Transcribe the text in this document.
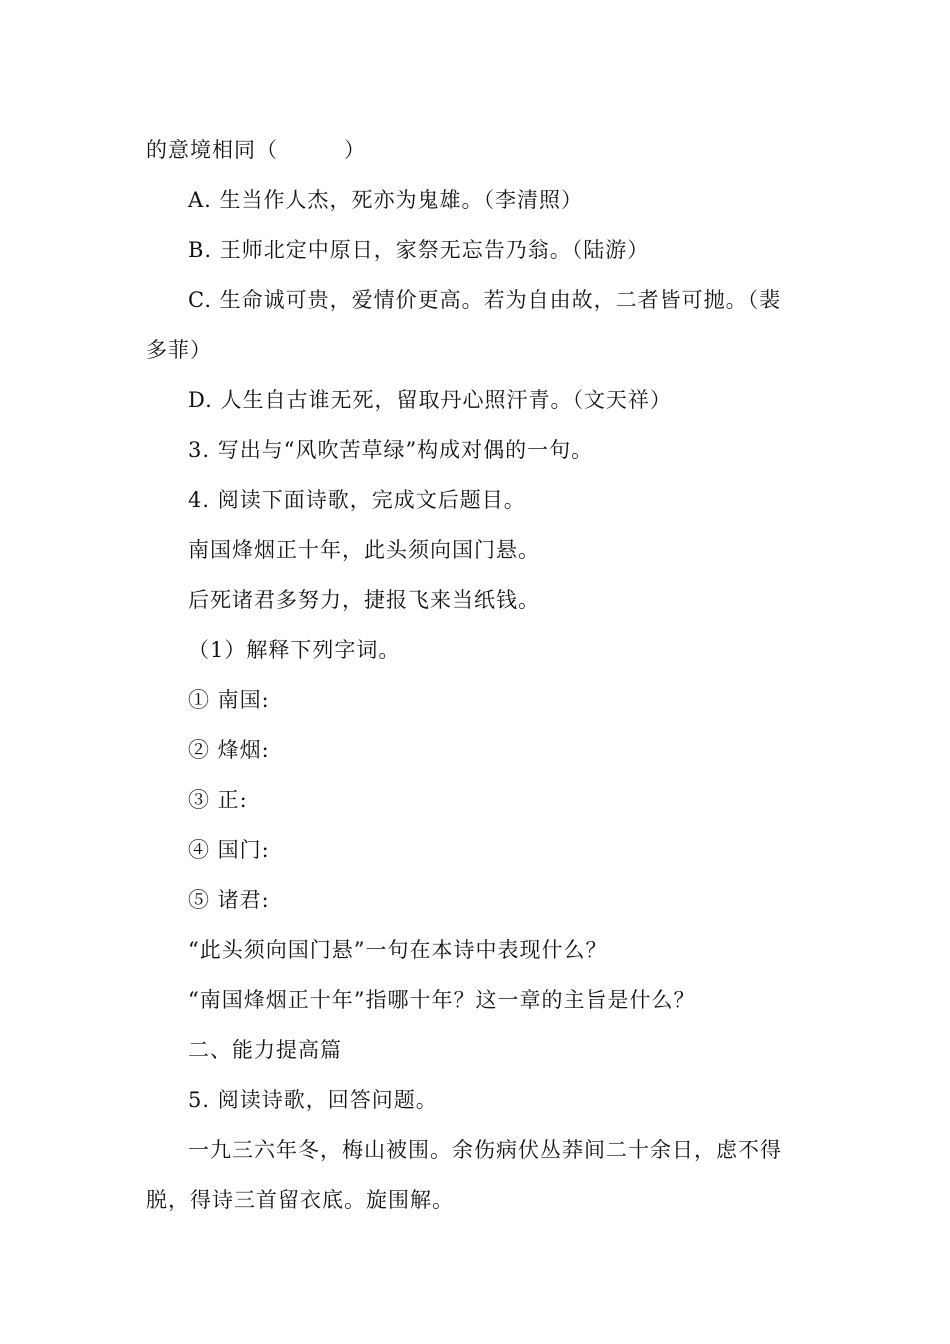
的意境相同（　　　）
A. 生当作人杰，死亦为鬼雄。（李清照）
B. 王师北定中原日，家祭无忘告乃翁。（陆游）
C. 生命诚可贵，爱情价更高。若为自由故，二者皆可抛。（裴
多菲）
D. 人生自古谁无死，留取丹心照汗青。（文天祥）
3. 写出与“风吹苦草绿”构成对偶的一句。
4. 阅读下面诗歌，完成文后题目。
南国烽烟正十年，此头须向国门悬。
后死诸君多努力，捷报飞来当纸钱。
（1）解释下列字词。
① 南国:
② 烽烟:
③ 正:
④ 国门:
⑤ 诸君:
“此头须向国门悬”一句在本诗中表现什么？
“南国烽烟正十年”指哪十年？这一章的主旨是什么？
二、能力提高篇
5. 阅读诗歌，回答问题。
一九三六年冬，梅山被围。余伤病伏丛莽间二十余日，虑不得
脱，得诗三首留衣底。旋围解。
